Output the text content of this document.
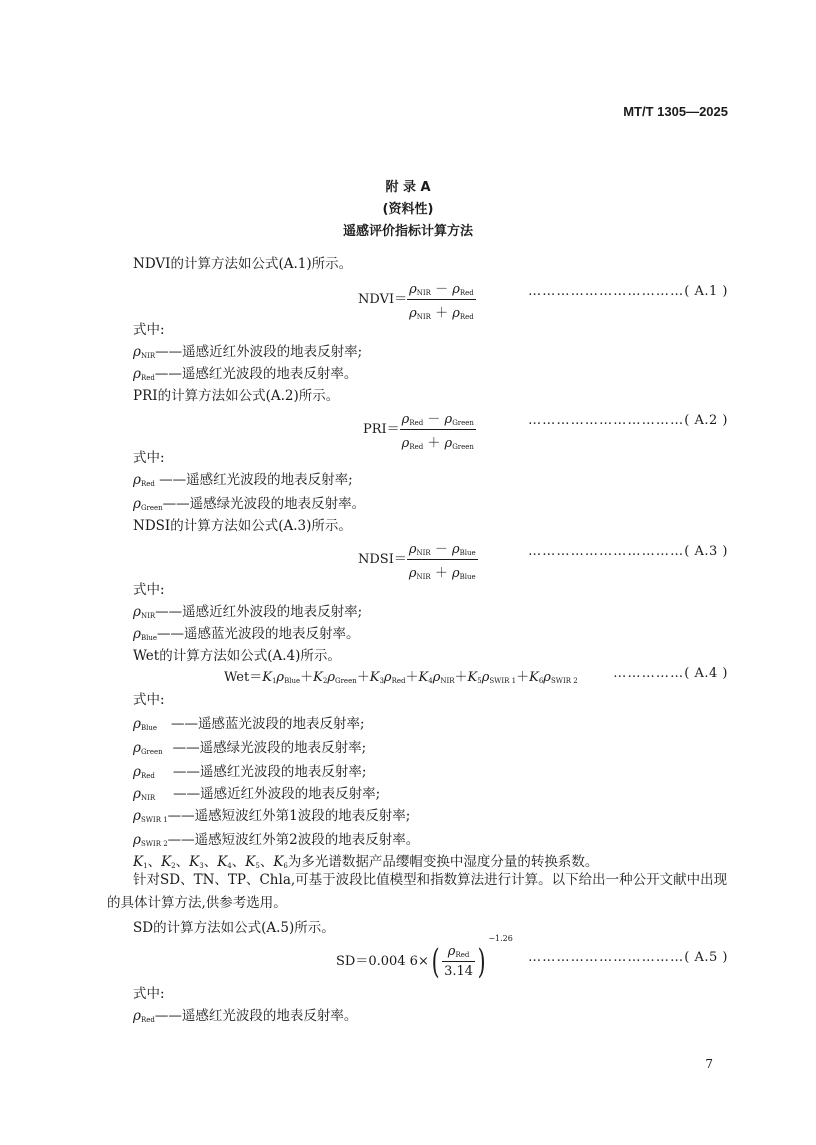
MT/T 1305—2025
附 录 A
(资料性)
遥感评价指标计算方法
NDVI的计算方法如公式(A.1)所示。
NDVI＝ $\frac{\rho_{NIR} - \rho_{Red}}{\rho_{NIR} + \rho_{Red}}$	……………………………( A.1 )
式中:
$\rho_{NIR}——$遥感近红外波段的地表反射率;
$\rho_{Red}——$遥感红光波段的地表反射率。
PRI的计算方法如公式(A.2)所示。
$PRI= \frac{\rho_{Red} - \rho_{Green}}{\rho_{Red} + \rho_{Green}}$	……………………………( A.2 )
式中:
$\rho_{Red}$ ——遥感红光波段的地表反射率;
$\rho_{Green}——$遥感绿光波段的地表反射率。
NDSI的计算方法如公式(A.3)所示。
NDSI＝ $\frac{\rho_{NIR} - \rho_{Blue}}{\rho_{NIR} + \rho_{Blue}}$	……………………………( A.3 )
式中:
$\rho_{NIR}——$遥感近红外波段的地表反射率;
$\rho_{Blue}——$遥感蓝光波段的地表反射率。
Wet的计算方法如公式(A.4)所示。
$Wet=K_1\rho_{Blue}+K_2\rho_{Green}+K_3\rho_{Red}+K_4\rho_{NIR}+K_5\rho_{SWIR 1}+K_6\rho_{SWIR 2}$	……………( A.4 )
式中:
$\rho_{Blue}$ ——遥感蓝光波段的地表反射率;
$\rho_{Green}$ ——遥感绿光波段的地表反射率;
$\rho_{Red}$ ——遥感红光波段的地表反射率;
$\rho_{NIR}$ ——遥感近红外波段的地表反射率;
$\rho_{SWIR 1}——$遥感短波红外第1波段的地表反射率;
$\rho_{SWIR 2}——$遥感短波红外第2波段的地表反射率。
$K_1$、$K_2$、$K_3$、$K_4$、$K_5$、$K_6$为多光谱数据产品缨帽变换中湿度分量的转换系数。
针对SD、TN、TP、Chla,可基于波段比值模型和指数算法进行计算。以下给出一种公开文献中出现的具体计算方法,供参考选用。
SD的计算方法如公式(A.5)所示。
SD＝0.004 $6\times( \frac{\rho_{Red}}{3.14} )^{-1.26}$
……………………………( A.5 )
式中:
$\rho_{Red}——$遥感红光波段的地表反射率。
7
